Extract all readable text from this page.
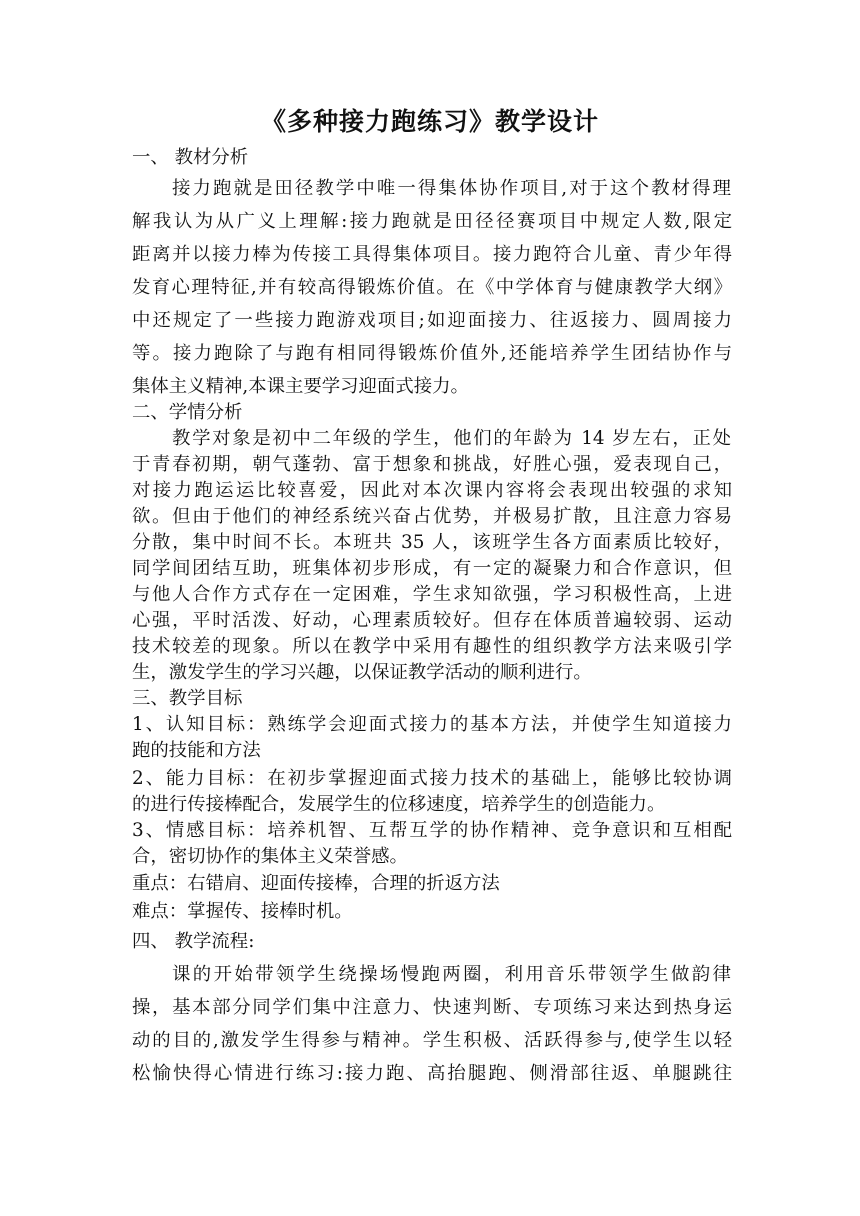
《多种接力跑练习》教学设计
一、 教材分析
接力跑就是田径教学中唯一得集体协作项目,对于这个教材得理
解我认为从广义上理解:接力跑就是田径径赛项目中规定人数,限定
距离并以接力棒为传接工具得集体项目。接力跑符合儿童、青少年得
发育心理特征,并有较高得锻炼价值。在《中学体育与健康教学大纲》
中还规定了一些接力跑游戏项目;如迎面接力、往返接力、圆周接力
等。接力跑除了与跑有相同得锻炼价值外,还能培养学生团结协作与
集体主义精神,本课主要学习迎面式接力。
二、学情分析
教学对象是初中二年级的学生，他们的年龄为 14 岁左右，正处
于青春初期，朝气蓬勃、富于想象和挑战，好胜心强，爱表现自己，
对接力跑运运比较喜爱，因此对本次课内容将会表现出较强的求知
欲。但由于他们的神经系统兴奋占优势，并极易扩散，且注意力容易
分散，集中时间不长。本班共 35 人，该班学生各方面素质比较好，
同学间团结互助，班集体初步形成，有一定的凝聚力和合作意识，但
与他人合作方式存在一定困难，学生求知欲强，学习积极性高，上进
心强，平时活泼、好动，心理素质较好。但存在体质普遍较弱、运动
技术较差的现象。所以在教学中采用有趣性的组织教学方法来吸引学
生，激发学生的学习兴趣，以保证教学活动的顺利进行。
三、教学目标
1、认知目标：熟练学会迎面式接力的基本方法，并使学生知道接力
跑的技能和方法
2、能力目标：在初步掌握迎面式接力技术的基础上，能够比较协调
的进行传接棒配合，发展学生的位移速度，培养学生的创造能力。
3、情感目标：培养机智、互帮互学的协作精神、竞争意识和互相配
合，密切协作的集体主义荣誉感。
重点：右错肩、迎面传接棒，合理的折返方法
难点：掌握传、接棒时机。
四、 教学流程:
课的开始带领学生绕操场慢跑两圈，利用音乐带领学生做韵律
操，基本部分同学们集中注意力、快速判断、专项练习来达到热身运
动的目的,激发学生得参与精神。学生积极、活跃得参与,使学生以轻
松愉快得心情进行练习:接力跑、高抬腿跑、侧滑部往返、单腿跳往
